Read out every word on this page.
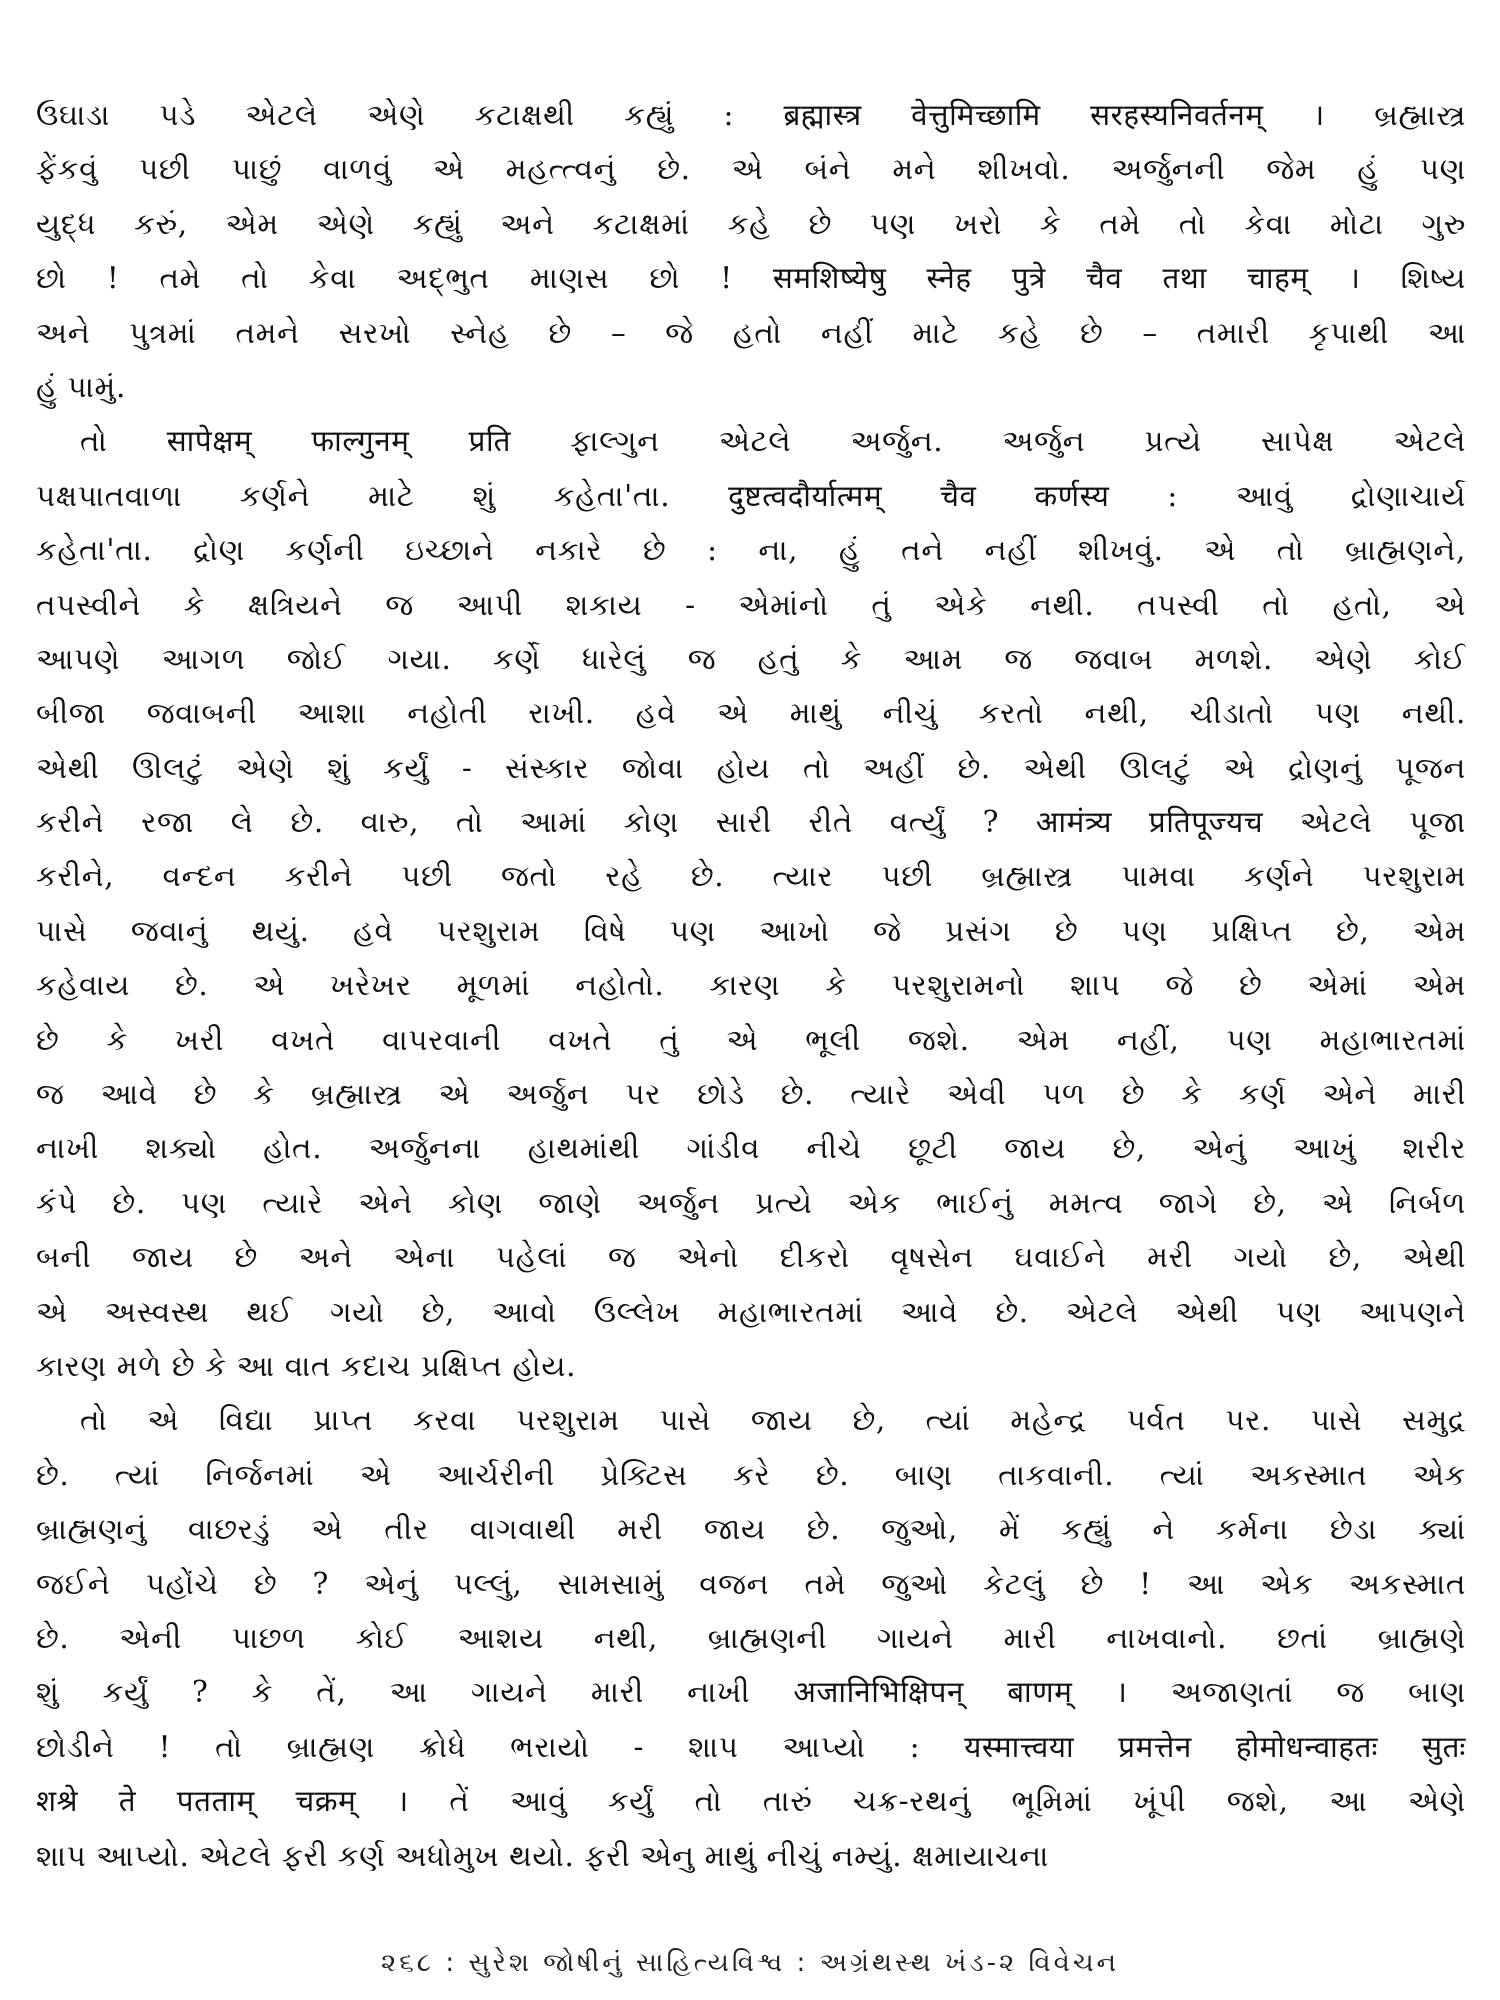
ઉઘાડા પડે એટલે એણે કટાક્ષથી કહ્યું : ब्रह्मास्त्र वेत्तुमिच्छामि सरहस्यनिवर्तनम् । બ્રહ્માસ્ત્ર
ફેંકવું પછી પાછું વાળવું એ મહત્ત્વનું છે. એ બંને મને શીખવો. અર્જુનની જેમ હું પણ
યુદ્ધ કરું, એમ એણે કહ્યું અને કટાક્ષમાં કહે છે પણ ખરો કે તમે તો કેવા મોટા ગુરુ
છો ! તમે તો કેવા અદ્ભુત માણસ છો ! समशिष्येषु स्नेह पुत्रे चैव तथा चाहम् । શિષ્ય
અને પુત્રમાં તમને સરખો સ્નેહ છે – જે હતો નહીં માટે કહે છે – તમારી કૃપાથી આ
હું પામું.
તો सापेक्षम् फाल्गुनम् प्रति ફાલ્ગુન એટલે અર્જુન. અર્જુન પ્રત્યે સાપેક્ષ એટલે
પક્ષપાતવાળા કર્ણને માટે શું કહેતા'તા. दुष्टत्वदौर्यात्मम् चैव कर्णस्य : આવું દ્રોણાચાર્ય
કહેતા'તા. દ્રોણ કર્ણની ઇચ્છાને નકારે છે : ના, હું તને નહીં શીખવું. એ તો બ્રાહ્મણને,
તપસ્વીને કે ક્ષત્રિયને જ આપી શકાય - એમાંનો તું એકે નથી. તપસ્વી તો હતો, એ
આપણે આગળ જોઈ ગયા. કર્ણે ધારેલું જ હતું કે આમ જ જવાબ મળશે. એણે કોઈ
બીજા જવાબની આશા નહોતી રાખી. હવે એ માથું નીચું કરતો નથી, ચીડાતો પણ નથી.
એથી ઊલટું એણે શું કર્યું - સંસ્કાર જોવા હોય તો અહીં છે. એથી ઊલટું એ દ્રોણનું પૂજન
કરીને રજા લે છે. વારુ, તો આમાં કોણ સારી રીતે વર્ત્યું ? आमंत्र्य प्रतिपूज्यच એટલે પૂજા
કરીને, વન્દન કરીને પછી જતો રહે છે. ત્યાર પછી બ્રહ્માસ્ત્ર પામવા કર્ણને પરશુરામ
પાસે જવાનું થયું. હવે પરશુરામ વિષે પણ આખો જે પ્રસંગ છે પણ પ્રક્ષિપ્ત છે, એમ
કહેવાય છે. એ ખરેખર મૂળમાં નહોતો. કારણ કે પરશુરામનો શાપ જે છે એમાં એમ
છે કે ખરી વખતે વાપરવાની વખતે તું એ ભૂલી જશે. એમ નહીં, પણ મહાભારતમાં
જ આવે છે કે બ્રહ્માસ્ત્ર એ અર્જુન પર છોડે છે. ત્યારે એવી પળ છે કે કર્ણ એને મારી
નાખી શક્યો હોત. અર્જુનના હાથમાંથી ગાંડીવ નીચે છૂટી જાય છે, એનું આખું શરીર
કંપે છે. પણ ત્યારે એને કોણ જાણે અર્જુન પ્રત્યે એક ભાઈનું મમત્વ જાગે છે, એ નિર્બળ
બની જાય છે અને એના પહેલાં જ એનો દીકરો વૃષસેન ઘવાઈને મરી ગયો છે, એથી
એ અસ્વસ્થ થઈ ગયો છે, આવો ઉલ્લેખ મહાભારતમાં આવે છે. એટલે એથી પણ આપણને
કારણ મળે છે કે આ વાત કદાચ પ્રક્ષિપ્ત હોય.
તો એ વિદ્યા પ્રાપ્ત કરવા પરશુરામ પાસે જાય છે, ત્યાં મહેન્દ્ર પર્વત પર. પાસે સમુદ્ર
છે. ત્યાં નિર્જનમાં એ આર્ચરીની પ્રેક્ટિસ કરે છે. બાણ તાકવાની. ત્યાં અકસ્માત એક
બ્રાહ્મણનું વાછરડું એ તીર વાગવાથી મરી જાય છે. જુઓ, મેં કહ્યું ને કર્મના છેડા ક્યાં
જઈને પહોંચે છે ? એનું પલ્લું, સામસામું વજન તમે જુઓ કેટલું છે ! આ એક અકસ્માત
છે. એની પાછળ કોઈ આશય નથી, બ્રાહ્મણની ગાયને મારી નાખવાનો. છતાં બ્રાહ્મણે
શું કર્યું ? કે તેં, આ ગાયને મારી નાખી अजानिभिक्षिपन् बाणम् । અજાણતાં જ બાણ
છોડીને ! તો બ્રાહ્મણ ક્રોધે ભરાયો - શાપ આપ્યો : यस्मात्त्वया प्रमत्तेन होमोधन्वाहतः सुतः
शश्रे ते पतताम् चक्रम् । તેં આવું કર્યું તો તારું ચક્ર-રથનું ભૂમિમાં ખૂંપી જશે, આ એણે
શાપ આપ્યો. એટલે ફરી કર્ણ અધોમુખ થયો. ફરી એનુ માથું નીચું નમ્યું. ક્ષમાયાચના
૨૬૮ : સુરેશ જોષીનું સાહિત્યવિશ્વ : અગ્રંથસ્થ ખંડ-૨ વિવેચન
